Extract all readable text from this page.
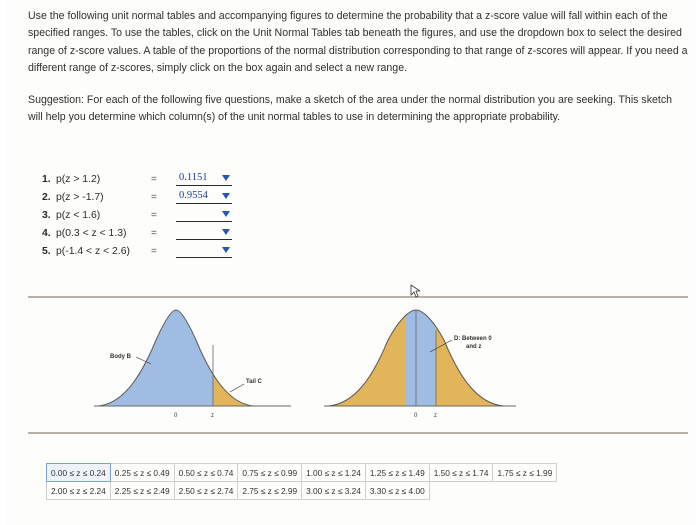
Use the following unit normal tables and accompanying figures to determine the probability that a z-score value will fall within each of the specified ranges. To use the tables, click on the Unit Normal Tables tab beneath the figures, and use the dropdown box to select the desired range of z-score values. A table of the proportions of the normal distribution corresponding to that range of z-scores will appear. If you need a different range of z-scores, simply click on the box again and select a new range.
Suggestion: For each of the following five questions, make a sketch of the area under the normal distribution you are seeking. This sketch will help you determine which column(s) of the unit normal tables to use in determining the appropriate probability.
1. p(z > 1.2)	= 0.1151
2. p(z > -1.7)	= 0.9554
3. p(z < 1.6)	=
4. p(0.3 < z < 1.3) =
5. p(-1.4 < z < 2.6) =
Body B
Tail C
0	z
D: Between 0
and z
0	z
0.00 ≤ z ≤ 0.24	0.25 ≤ z ≤ 0.49	0.50 ≤ z ≤ 0.74	0.75 ≤ z ≤ 0.99	1.00 ≤ z ≤ 1.24	1.25 ≤ z ≤ 1.49	1.50 ≤ z ≤ 1.74	1.75 ≤ z ≤ 1.99
2.00 ≤ z ≤ 2.24	2.25 ≤ z ≤ 2.49	2.50 ≤ z ≤ 2.74	2.75 ≤ z ≤ 2.99	3.00 ≤ z ≤ 3.24	3.30 ≤ z ≤ 4.00		
